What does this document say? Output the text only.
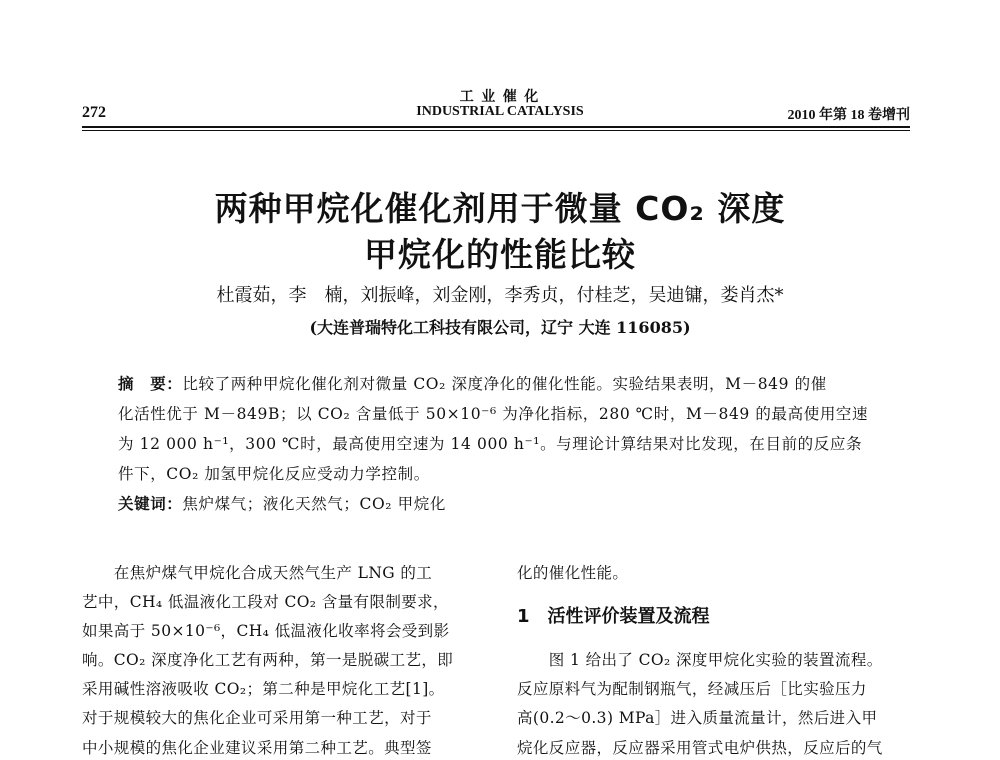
272
工 业 催 化
INDUSTRIAL CATALYSIS	2010 年第 18 卷增刊
两种甲烷化催化剂用于微量 CO₂ 深度
甲烷化的性能比较
杜霞茹，李　楠，刘振峰，刘金刚，李秀贞，付桂芝，吴迪镛，娄肖杰*
(大连普瑞特化工科技有限公司，辽宁 大连 116085)
摘　要：比较了两种甲烷化催化剂对微量 CO₂ 深度净化的催化性能。实验结果表明，M－849 的催
化活性优于 M－849B；以 CO₂ 含量低于 50×10⁻⁶ 为净化指标，280 ℃时，M－849 的最高使用空速
为 12 000 h⁻¹，300 ℃时，最高使用空速为 14 000 h⁻¹。与理论计算结果对比发现，在目前的反应条
件下，CO₂ 加氢甲烷化反应受动力学控制。
关键词：焦炉煤气；液化天然气；CO₂ 甲烷化
　　在焦炉煤气甲烷化合成天然气生产 LNG 的工
艺中，CH₄ 低温液化工段对 CO₂ 含量有限制要求，
如果高于 50×10⁻⁶，CH₄ 低温液化收率将会受到影
响。CO₂ 深度净化工艺有两种，第一是脱碳工艺，即
采用碱性溶液吸收 CO₂；第二种是甲烷化工艺[1]。
对于规模较大的焦化企业可采用第一种工艺，对于
中小规模的焦化企业建议采用第二种工艺。典型签
化的催化性能。
1　活性评价装置及流程
　　图 1 给出了 CO₂ 深度甲烷化实验的装置流程。
反应原料气为配制钢瓶气，经减压后［比实验压力
高(0.2～0.3) MPa］进入质量流量计，然后进入甲
烷化反应器，反应器采用管式电炉供热，反应后的气
